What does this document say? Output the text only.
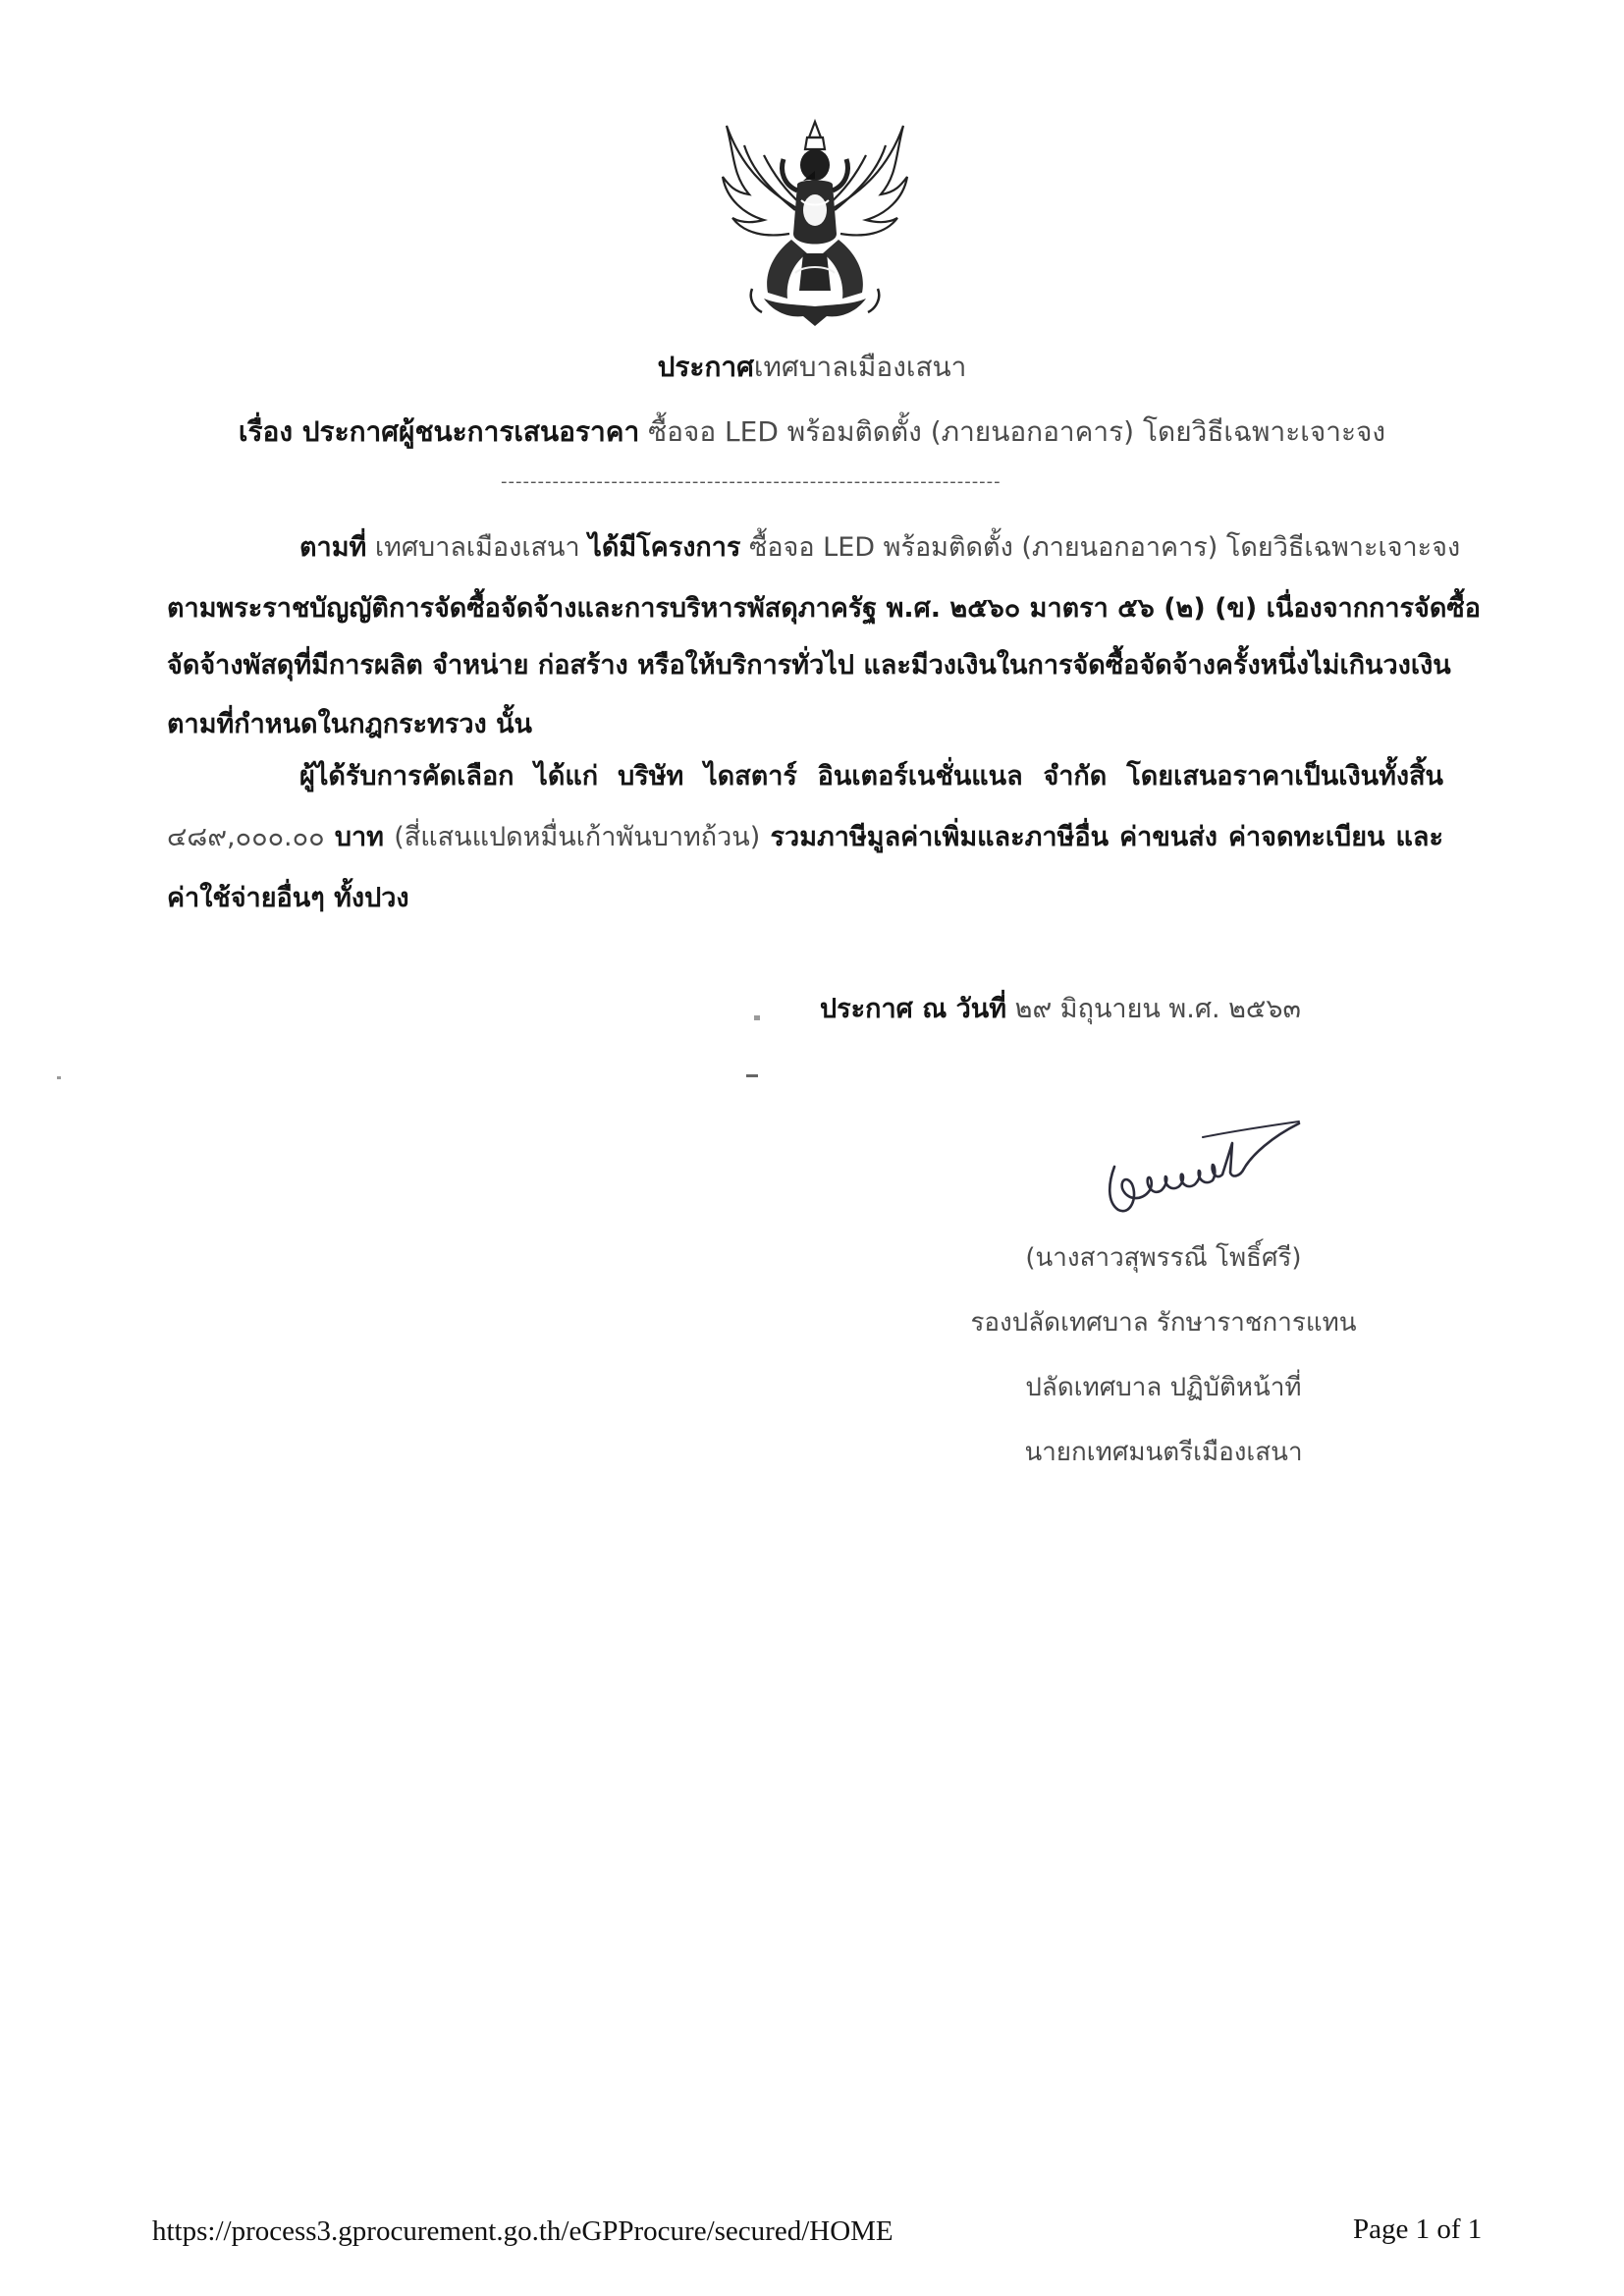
ประกาศเทศบาลเมืองเสนา
เรื่อง ประกาศผู้ชนะการเสนอราคา ซื้อจอ LED พร้อมติดตั้ง (ภายนอกอาคาร) โดยวิธีเฉพาะเจาะจง
--------------------------------------------------------------------
ตามที่ เทศบาลเมืองเสนา ได้มีโครงการ ซื้อจอ LED พร้อมติดตั้ง (ภายนอกอาคาร) โดยวิธีเฉพาะเจาะจง
ตามพระราชบัญญัติการจัดซื้อจัดจ้างและการบริหารพัสดุภาครัฐ พ.ศ. ๒๕๖๐ มาตรา ๕๖ (๒) (ข) เนื่องจากการจัดซื้อ
จัดจ้างพัสดุที่มีการผลิต จำหน่าย ก่อสร้าง หรือให้บริการทั่วไป และมีวงเงินในการจัดซื้อจัดจ้างครั้งหนึ่งไม่เกินวงเงิน
ตามที่กำหนดในกฎกระทรวง นั้น
ผู้ได้รับการคัดเลือก ได้แก่ บริษัท ไดสตาร์ อินเตอร์เนชั่นแนล จำกัด โดยเสนอราคาเป็นเงินทั้งสิ้น
๔๘๙,๐๐๐.๐๐ บาท (สี่แสนแปดหมื่นเก้าพันบาทถ้วน) รวมภาษีมูลค่าเพิ่มและภาษีอื่น ค่าขนส่ง ค่าจดทะเบียน และ
ค่าใช้จ่ายอื่นๆ ทั้งปวง
ประกาศ ณ วันที่ ๒๙ มิถุนายน พ.ศ. ๒๕๖๓
(นางสาวสุพรรณี โพธิ์ศรี)
รองปลัดเทศบาล รักษาราชการแทน
ปลัดเทศบาล ปฏิบัติหน้าที่
นายกเทศมนตรีเมืองเสนา
https://process3.gprocurement.go.th/eGPProcure/secured/HOME	Page 1 of 1
